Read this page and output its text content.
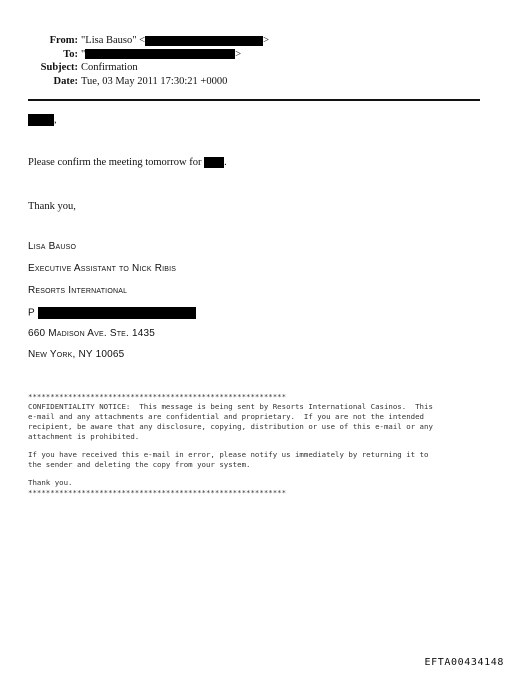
From: "Lisa Bauso" <	>
To: "	>
Subject: Confirmation
Date: Tue, 03 May 2011 17:30:21 +0000
,
Please confirm the meeting tomorrow for .
Thank you,
Lisa Bauso
Executive Assistant to Nick Ribis
Resorts International
P
660 Madison Ave. Ste. 1435
New York, NY 10065
**********************************************************
CONFIDENTIALITY NOTICE:  This message is being sent by Resorts International Casinos.  This
e-mail and any attachments are confidential and proprietary.  If you are not the intended
recipient, be aware that any disclosure, copying, distribution or use of this e-mail or any
attachment is prohibited.
If you have received this e-mail in error, please notify us immediately by returning it to
the sender and deleting the copy from your system.
Thank you.
**********************************************************
EFTA00434148
